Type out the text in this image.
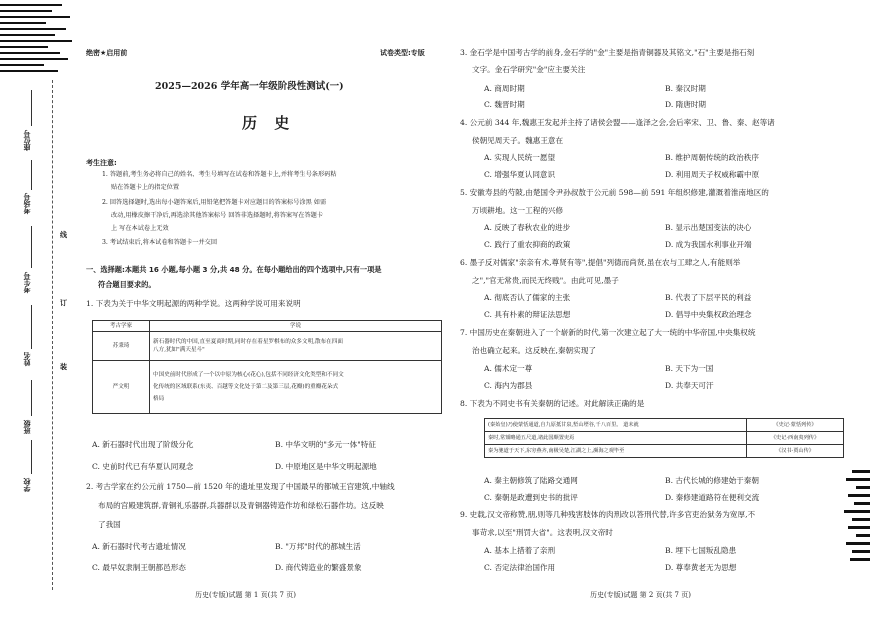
座位号
考场号
考生号
姓名
班级
学校
线
订
装
绝密★启用前	试卷类型:专版
2025—2026 学年高一年级阶段性测试(一)
历 史
考生注意:
1. 答题前,考生务必将自己的姓名、考生号填写在试卷和答题卡上,并将考生号条形码粘
贴在答题卡上的指定位置
2. 回答选择题时,选出每小题答案后,用铅笔把答题卡对应题目的答案标号涂黑 如需
改动,用橡皮擦干净后,再选涂其他答案标号 回答非选择题时,将答案写在答题卡
上 写在本试卷上无效
3. 考试结束后,将本试卷和答题卡一并交回
一、选择题:本题共 16 小题,每小题 3 分,共 48 分。在每小题给出的四个选项中,只有一项是
符合题目要求的。
1. 下表为关于中华文明起源的两种学说。这两种学说可用来说明
考古学家	学说
苏秉琦	新石器时代的中国,直至夏商时期,同时存在着星罗棋布的众多文明,散布在四面
八方,犹如"满天星斗"

严文明	中国史前时代形成了一个以中原为核心(花心),包括不同经济文化类型和不同文
化传统的区域联系(东夷、百越等文化处于第二及第三层,花瓣)的重瓣花朵式
格局
A. 新石器时代出现了阶级分化	B. 中华文明的"多元一体"特征
C. 史前时代已有华夏认同观念	D. 中原地区是中华文明起源地
2. 考古学家在约公元前 1750—前 1520 年的遗址里发现了中国最早的都城王宫建筑,中轴线
布局的宫殿建筑群,青铜礼乐器群,兵器群以及青铜器铸造作坊和绿松石器作坊。这反映
了我国
A. 新石器时代考古遗址情况	B. "万邦"时代的都城生活
C. 最早奴隶制王朝都邑形态	D. 商代铸造业的繁盛景象
历史(专版)试题 第 1 页(共 7 页)
3. 金石学是中国考古学的前身,金石学的"金"主要是指青铜器及其铭文,"石"主要是指石刻
文字。金石学研究"金"应主要关注
A. 商周时期	B. 秦汉时期
C. 魏晋时期	D. 隋唐时期
4. 公元前 344 年,魏惠王发起并主持了诸侯会盟——逢泽之会,会后率宋、卫、鲁、秦、赵等诸
侯朝见周天子。魏惠王意在
A. 实现人民统一愿望	B. 维护周朝传统的政治秩序
C. 增强华夏认同意识	D. 利用周天子权威称霸中原
5. 安徽寿县的芍陂,由楚国令尹孙叔敖于公元前 598—前 591 年组织修建,灌溉着淮南地区的
万顷耕地。这一工程的兴修
A. 反映了春秋农业的进步	B. 显示出楚国变法的决心
C. 践行了重农抑商的政策	D. 成为我国水利事业开端
6. 墨子反对儒家"亲亲有术,尊贤有等",提倡"列德而尚贤,虽在农与工肆之人,有能则举
之","官无常贵,而民无终贱"。由此可见,墨子
A. 彻底否认了儒家的主张	B. 代表了下层平民的利益
C. 具有朴素的辩证法思想	D. 倡导中央集权政治理念
7. 中国历史在秦朝进入了一个崭新的时代,第一次建立起了大一统的中华帝国,中央集权统
治也确立起来。这反映在,秦朝实现了
A. 儒术定一尊	B. 天下为一国
C. 海内为郡县	D. 共奉天可汗
8. 下表为不同史书有关秦朝的记述。对此解读正确的是
(秦始皇)乃使蒙恬通道,自九原抵甘泉,堑山堙谷,千八百里。 道未就	《史记·蒙恬列传》
秦时,常頞略通五尺道,诸此国颇置吏焉	《史记·西南夷列传》
秦为驰道于天下,东穷燕齐,南极吴楚,江湖之上,濒海之观毕至	《汉书·贾山传》
A. 秦主朝修筑了陆路交通网	B. 古代长城的修建始于秦朝
C. 秦朝是政遭到史书的批评	D. 秦修建道路符在便利交流
9. 史载,汉文帝称赞,朋,则等几种残害肢体的肉刑改以答刑代替,许多官吏治狱务为宽厚,不
事苛求,以至"刑罚大省"。这表明,汉文帝时
A. 基本上措着了亲刑	B. 埋下七国叛乱隐患
C. 否定法律治国作用	D. 尊奉黄老无为思想
历史(专版)试题 第 2 页(共 7 页)
